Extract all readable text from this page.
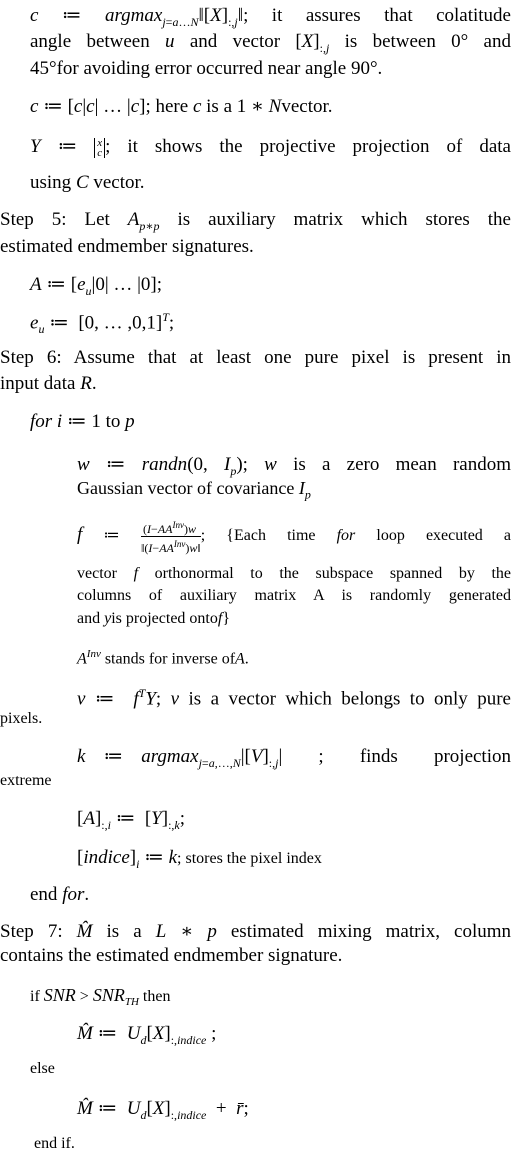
c ≔ $argmax_{j=a\dots N}‖[X]_{:,j}‖$; it assures that colatitude
angle between u and vector $[X]_{:,j}$ is between 0° and
45°for avoiding error occurred near angle 90°.
c ≔ [c|c| … |c]; here c is a 1 ∗ Nvector.
Y ≔ x
c ; it shows the projective projection of data
using C vector.
Step 5: Let $A_{p∗p}$ is auxiliary matrix which stores the
estimated endmember signatures.
A ≔ [$e_u|0|$ … |0];
$e_u$ ≔  [0, … ,0,1]$^T$;
Step 6: Assume that at least one pure pixel is present in
input data R.
for i ≔ 1 to p
w ≔ randn(0, $I_p$); w is a zero mean random
Gaussian vector of covariance $I_p$
f ≔ $(I-AA^{Inv})w$
$‖(I-AA^{Inv})w‖$
; {Each time for loop executed a
vector f orthonormal to the subspace spanned by the
columns of auxiliary matrix A is randomly generated
and yis projected ontof}
$A^{Inv}$ stands for inverse ofA.
v ≔  $f^TY$; v is a vector which belongs to only pure
pixels.
k ≔ $argmax_{j=a,\dots,N}|[V]_{:,j}|$  ;  finds  projection
extreme
$[A]_{:,i}$ ≔  $[Y]_{:,k}$;
$[indice]_i$ ≔ k; stores the pixel index
end for.
Step 7: M̂ is a L ∗ p estimated mixing matrix, column
contains the estimated endmember signature.
if SNR > $SNR_{TH}$ then
M̂ ≔  $U_d[X]_{:,indice}$ ;
else
M̂ ≔  $U_d[X]_{:,indice}$  +  r̄;
end if.
